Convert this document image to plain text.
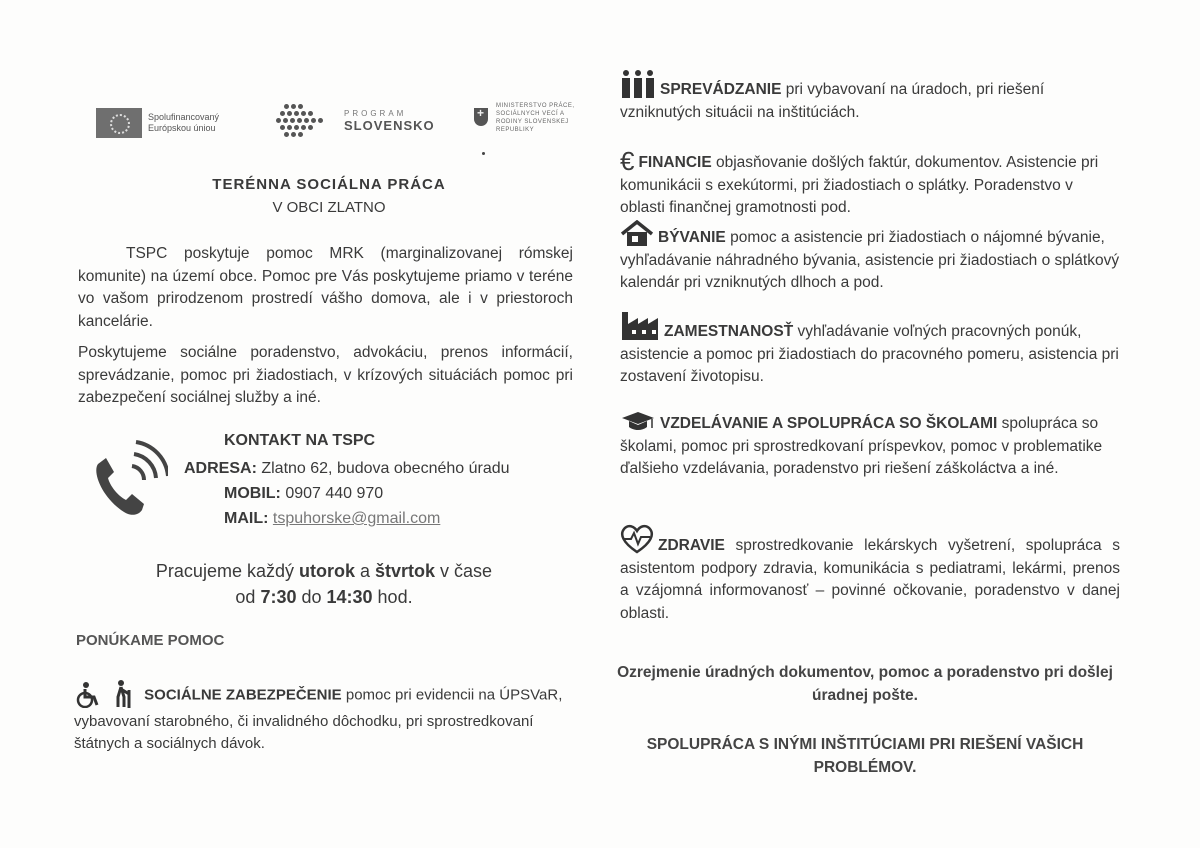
Spolufinancovaný Európskou úniou
PROGRAM
SLOVENSKO
+
MINISTERSTVO PRÁCE, SOCIÁLNYCH VECÍ A RODINY SLOVENSKEJ REPUBLIKY
TERÉNNA SOCIÁLNA PRÁCA
V OBCI ZLATNO
TSPC poskytuje pomoc MRK (marginalizovanej rómskej komunite) na území obce. Pomoc pre Vás poskytujeme priamo v teréne vo vašom prirodzenom prostredí vášho domova, ale i v priestoroch kancelárie.
Poskytujeme sociálne poradenstvo, advokáciu, prenos informácií, sprevádzanie, pomoc pri žiadostiach, v krízových situáciách pomoc pri zabezpečení sociálnej služby a iné.
KONTAKT NA TSPC
ADRESA: Zlatno 62, budova obecného úradu
MOBIL: 0907 440 970
MAIL: tspuhorske@gmail.com
Pracujeme každý utorok a štvrtok v čase
od 7:30 do 14:30 hod.
PONÚKAME POMOC
SOCIÁLNE ZABEZPEČENIE pomoc pri evidencii na ÚPSVaR, vybavovaní starobného, či invalidného dôchodku, pri sprostredkovaní štátnych a sociálnych dávok.
SPREVÁDZANIE pri vybavovaní na úradoch, pri riešení vzniknutých situácii na inštitúciách.
€ FINANCIE objasňovanie došlých faktúr, dokumentov. Asistencie pri komunikácii s exekútormi, pri žiadostiach o splátky. Poradenstvo v oblasti finančnej gramotnosti pod.
BÝVANIE pomoc a asistencie pri žiadostiach o nájomné bývanie, vyhľadávanie náhradného bývania, asistencie pri žiadostiach o splátkový kalendár pri vzniknutých dlhoch a pod.
ZAMESTNANOSŤ vyhľadávanie voľných pracovných ponúk, asistencie a pomoc pri žiadostiach do pracovného pomeru, asistencia pri zostavení životopisu.
VZDELÁVANIE A SPOLUPRÁCA SO ŠKOLAMI spolupráca so školami, pomoc pri sprostredkovaní príspevkov, pomoc v problematike ďalšieho vzdelávania, poradenstvo pri riešení záškoláctva a iné.
ZDRAVIE sprostredkovanie lekárskych vyšetrení, spolupráca s asistentom podpory zdravia, komunikácia s pediatrami, lekármi, prenos a vzájomná informovanosť – povinné očkovanie, poradenstvo v danej oblasti.
Ozrejmenie úradných dokumentov, pomoc a poradenstvo pri došlej úradnej pošte.
SPOLUPRÁCA S INÝMI INŠTITÚCIAMI PRI RIEŠENÍ VAŠICH PROBLÉMOV.
